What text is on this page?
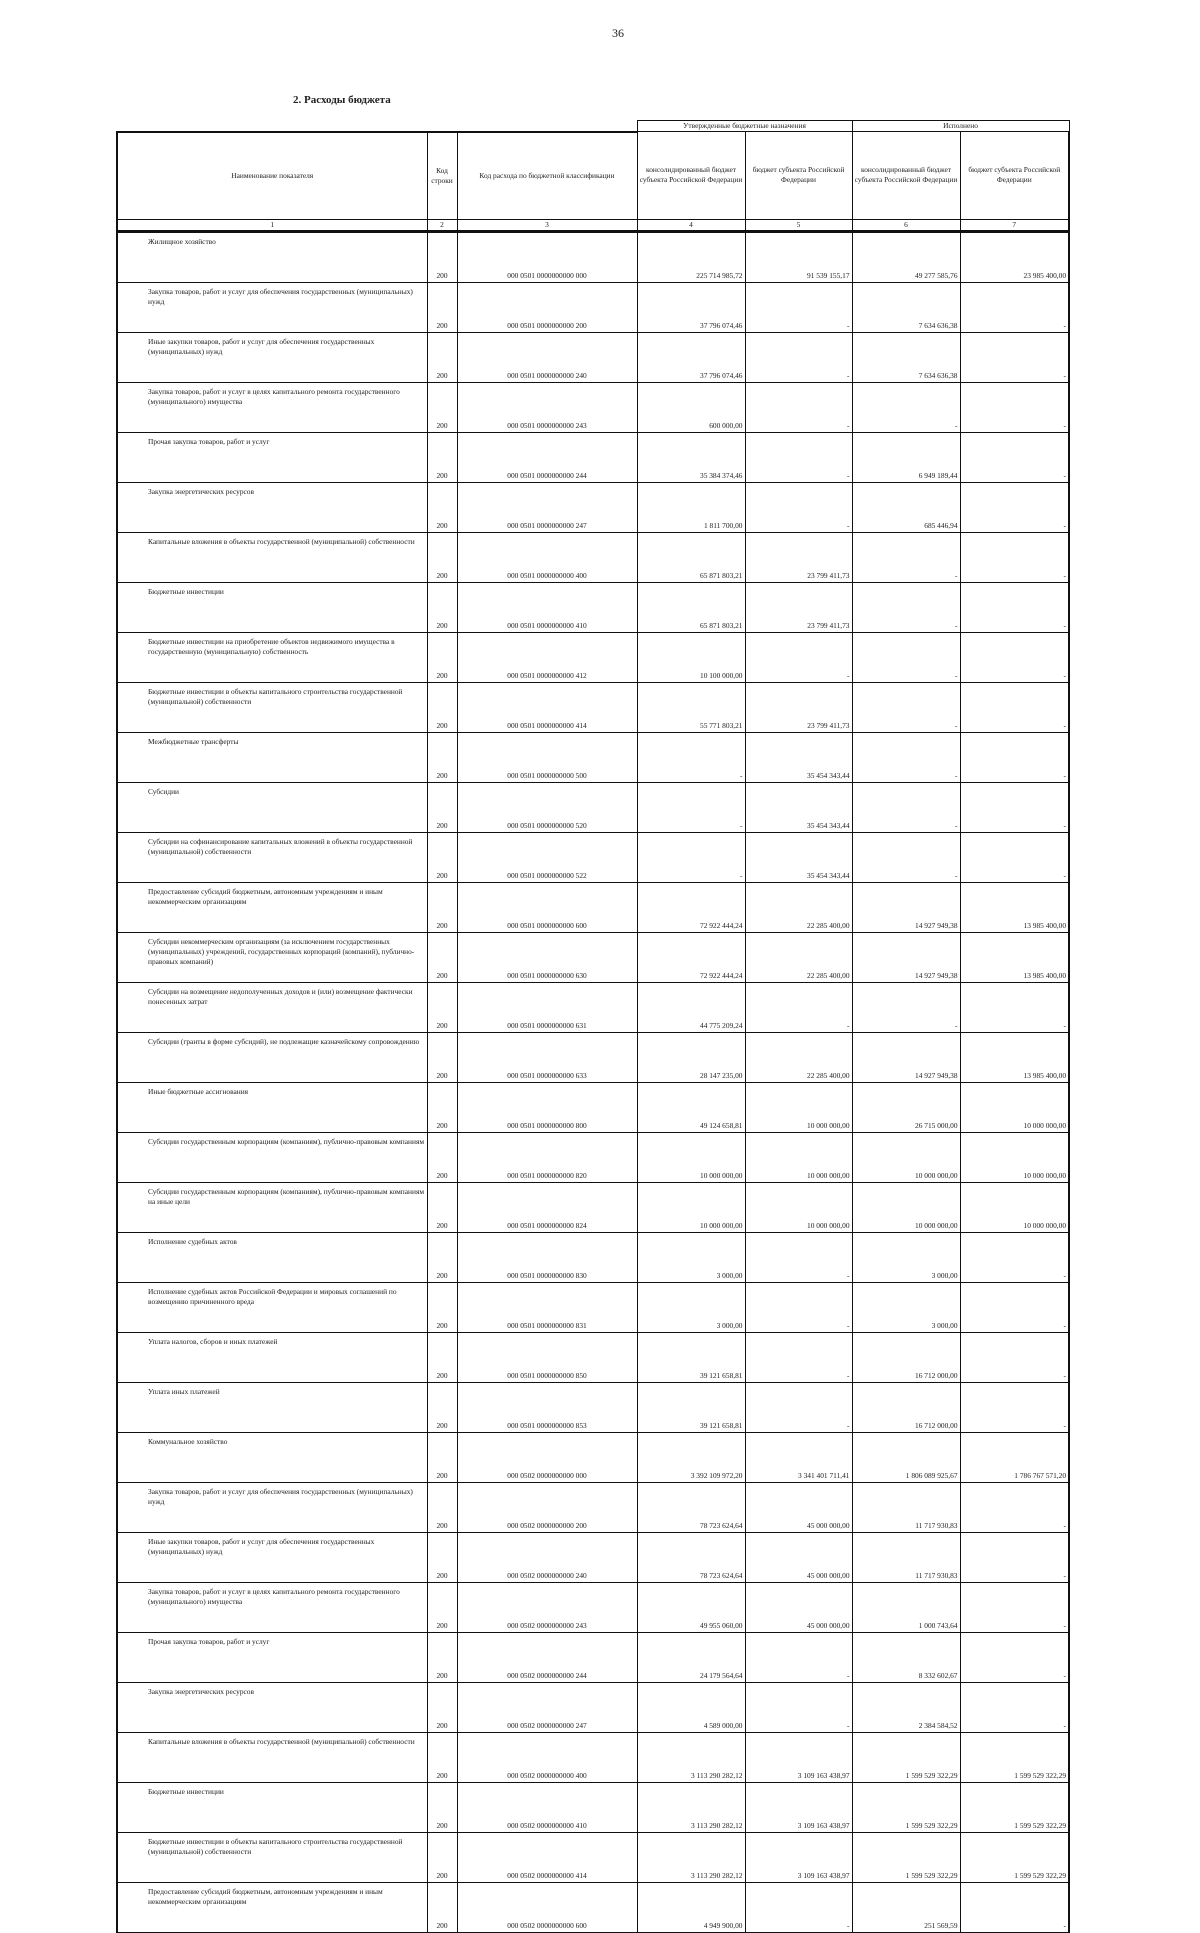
36
2. Расходы бюджета
			Утвержденные бюджетные назначения		Исполнено	
Наименование показателя	Код строки	Код расхода по бюджетной классификации	консолидированный бюджет субъекта Российской Федерации	бюджет субъекта Российской Федерации	консолидированный бюджет субъекта Российской Федерации	бюджет субъекта Российской Федерации
1	2	3	4	5	6	7
Жилищное хозяйство	200	000 0501 0000000000 000	225 714 985,72	91 539 155,17	49 277 585,76	23 985 400,00
Закупка товаров, работ и услуг для обеспечения государственных (муниципальных) нужд	200	000 0501 0000000000 200	37 796 074,46	-	7 634 636,38	-
Иные закупки товаров, работ и услуг для обеспечения государственных (муниципальных) нужд	200	000 0501 0000000000 240	37 796 074,46	-	7 634 636,38	-
Закупка товаров, работ и услуг в целях капитального ремонта государственного (муниципального) имущества	200	000 0501 0000000000 243	600 000,00	-	-	-
Прочая закупка товаров, работ и услуг	200	000 0501 0000000000 244	35 384 374,46	-	6 949 189,44	-
Закупка энергетических ресурсов	200	000 0501 0000000000 247	1 811 700,00	-	685 446,94	-
Капитальные вложения в объекты государственной (муниципальной) собственности	200	000 0501 0000000000 400	65 871 803,21	23 799 411,73	-	-
Бюджетные инвестиции	200	000 0501 0000000000 410	65 871 803,21	23 799 411,73	-	-
Бюджетные инвестиции на приобретение объектов недвижимого имущества в государственную (муниципальную) собственность	200	000 0501 0000000000 412	10 100 000,00	-	-	-
Бюджетные инвестиции в объекты капитального строительства государственной (муниципальной) собственности	200	000 0501 0000000000 414	55 771 803,21	23 799 411,73	-	-
Межбюджетные трансферты	200	000 0501 0000000000 500	-	35 454 343,44	-	-
Субсидии	200	000 0501 0000000000 520	-	35 454 343,44	-	-
Субсидии на софинансирование капитальных вложений в объекты государственной (муниципальной) собственности	200	000 0501 0000000000 522	-	35 454 343,44	-	-
Предоставление субсидий бюджетным, автономным учреждениям и иным некоммерческим организациям	200	000 0501 0000000000 600	72 922 444,24	22 285 400,00	14 927 949,38	13 985 400,00
Субсидии некоммерческим организациям (за исключением государственных (муниципальных) учреждений, государственных корпораций (компаний), публично-правовых компаний)	200	000 0501 0000000000 630	72 922 444,24	22 285 400,00	14 927 949,38	13 985 400,00
Субсидии на возмещение недополученных доходов и (или) возмещение фактически понесенных затрат	200	000 0501 0000000000 631	44 775 209,24	-	-	-
Субсидии (гранты в форме субсидий), не подлежащие казначейскому сопровождению	200	000 0501 0000000000 633	28 147 235,00	22 285 400,00	14 927 949,38	13 985 400,00
Иные бюджетные ассигнования	200	000 0501 0000000000 800	49 124 658,81	10 000 000,00	26 715 000,00	10 000 000,00
Субсидии государственным корпорациям (компаниям), публично-правовым компаниям	200	000 0501 0000000000 820	10 000 000,00	10 000 000,00	10 000 000,00	10 000 000,00
Субсидии государственным корпорациям (компаниям), публично-правовым компаниям на иные цели	200	000 0501 0000000000 824	10 000 000,00	10 000 000,00	10 000 000,00	10 000 000,00
Исполнение судебных актов	200	000 0501 0000000000 830	3 000,00	-	3 000,00	-
Исполнение судебных актов Российской Федерации и мировых соглашений по возмещению причиненного вреда	200	000 0501 0000000000 831	3 000,00	-	3 000,00	-
Уплата налогов, сборов и иных платежей	200	000 0501 0000000000 850	39 121 658,81	-	16 712 000,00	-
Уплата иных платежей	200	000 0501 0000000000 853	39 121 658,81	-	16 712 000,00	-
Коммунальное хозяйство	200	000 0502 0000000000 000	3 392 109 972,20	3 341 401 711,41	1 806 089 925,67	1 786 767 571,20
Закупка товаров, работ и услуг для обеспечения государственных (муниципальных) нужд	200	000 0502 0000000000 200	78 723 624,64	45 000 000,00	11 717 930,83	-
Иные закупки товаров, работ и услуг для обеспечения государственных (муниципальных) нужд	200	000 0502 0000000000 240	78 723 624,64	45 000 000,00	11 717 930,83	-
Закупка товаров, работ и услуг в целях капитального ремонта государственного (муниципального) имущества	200	000 0502 0000000000 243	49 955 060,00	45 000 000,00	1 000 743,64	-
Прочая закупка товаров, работ и услуг	200	000 0502 0000000000 244	24 179 564,64	-	8 332 602,67	-
Закупка энергетических ресурсов	200	000 0502 0000000000 247	4 589 000,00	-	2 384 584,52	-
Капитальные вложения в объекты государственной (муниципальной) собственности	200	000 0502 0000000000 400	3 113 290 282,12	3 109 163 438,97	1 599 529 322,29	1 599 529 322,29
Бюджетные инвестиции	200	000 0502 0000000000 410	3 113 290 282,12	3 109 163 438,97	1 599 529 322,29	1 599 529 322,29
Бюджетные инвестиции в объекты капитального строительства государственной (муниципальной) собственности	200	000 0502 0000000000 414	3 113 290 282,12	3 109 163 438,97	1 599 529 322,29	1 599 529 322,29
Предоставление субсидий бюджетным, автономным учреждениям и иным некоммерческим организациям	200	000 0502 0000000000 600	4 949 900,00	-	251 569,59	-
